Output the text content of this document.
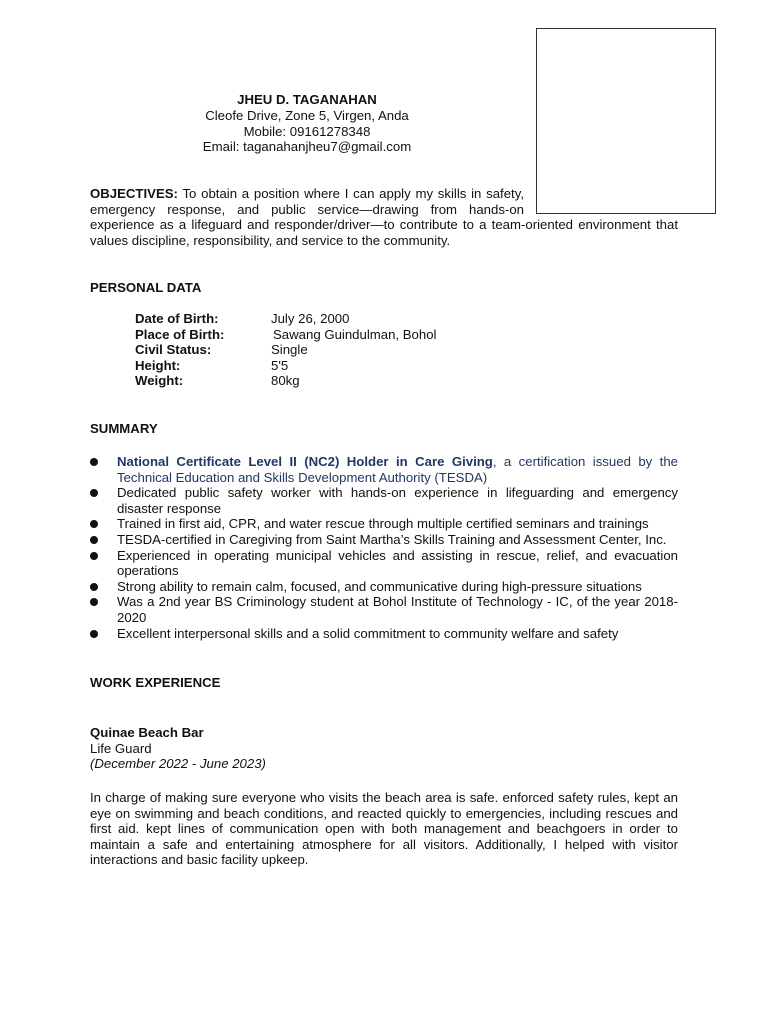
JHEU D. TAGANAHAN
Cleofe Drive, Zone 5, Virgen, Anda
Mobile: 09161278348
Email: taganahanjheu7@gmail.com
OBJECTIVES: To obtain a position where I can apply my skills in safety,
emergency response, and public service—drawing from hands-on
experience as a lifeguard and responder/driver—to contribute to a team-oriented environment that values discipline, responsibility, and service to the community.
PERSONAL DATA
Date of Birth:	July 26, 2000
Place of Birth:	Sawang Guindulman, Bohol
Civil Status:	Single
Height:	5'5
Weight:	80kg
SUMMARY
National Certificate Level II (NC2) Holder in Care Giving, a certification issued by the Technical Education and Skills Development Authority (TESDA)
Dedicated public safety worker with hands-on experience in lifeguarding and emergency disaster response
Trained in first aid, CPR, and water rescue through multiple certified seminars and trainings
TESDA-certified in Caregiving from Saint Martha’s Skills Training and Assessment Center, Inc.
Experienced in operating municipal vehicles and assisting in rescue, relief, and evacuation operations
Strong ability to remain calm, focused, and communicative during high-pressure situations
Was a 2nd year BS Criminology student at Bohol Institute of Technology - IC, of the year 2018-2020
Excellent interpersonal skills and a solid commitment to community welfare and safety
WORK EXPERIENCE
Quinae Beach Bar
Life Guard
(December 2022 - June 2023)
In charge of making sure everyone who visits the beach area is safe. enforced safety rules, kept an eye on swimming and beach conditions, and reacted quickly to emergencies, including rescues and first aid. kept lines of communication open with both management and beachgoers in order to maintain a safe and entertaining atmosphere for all visitors. Additionally, I helped with visitor interactions and basic facility upkeep.
